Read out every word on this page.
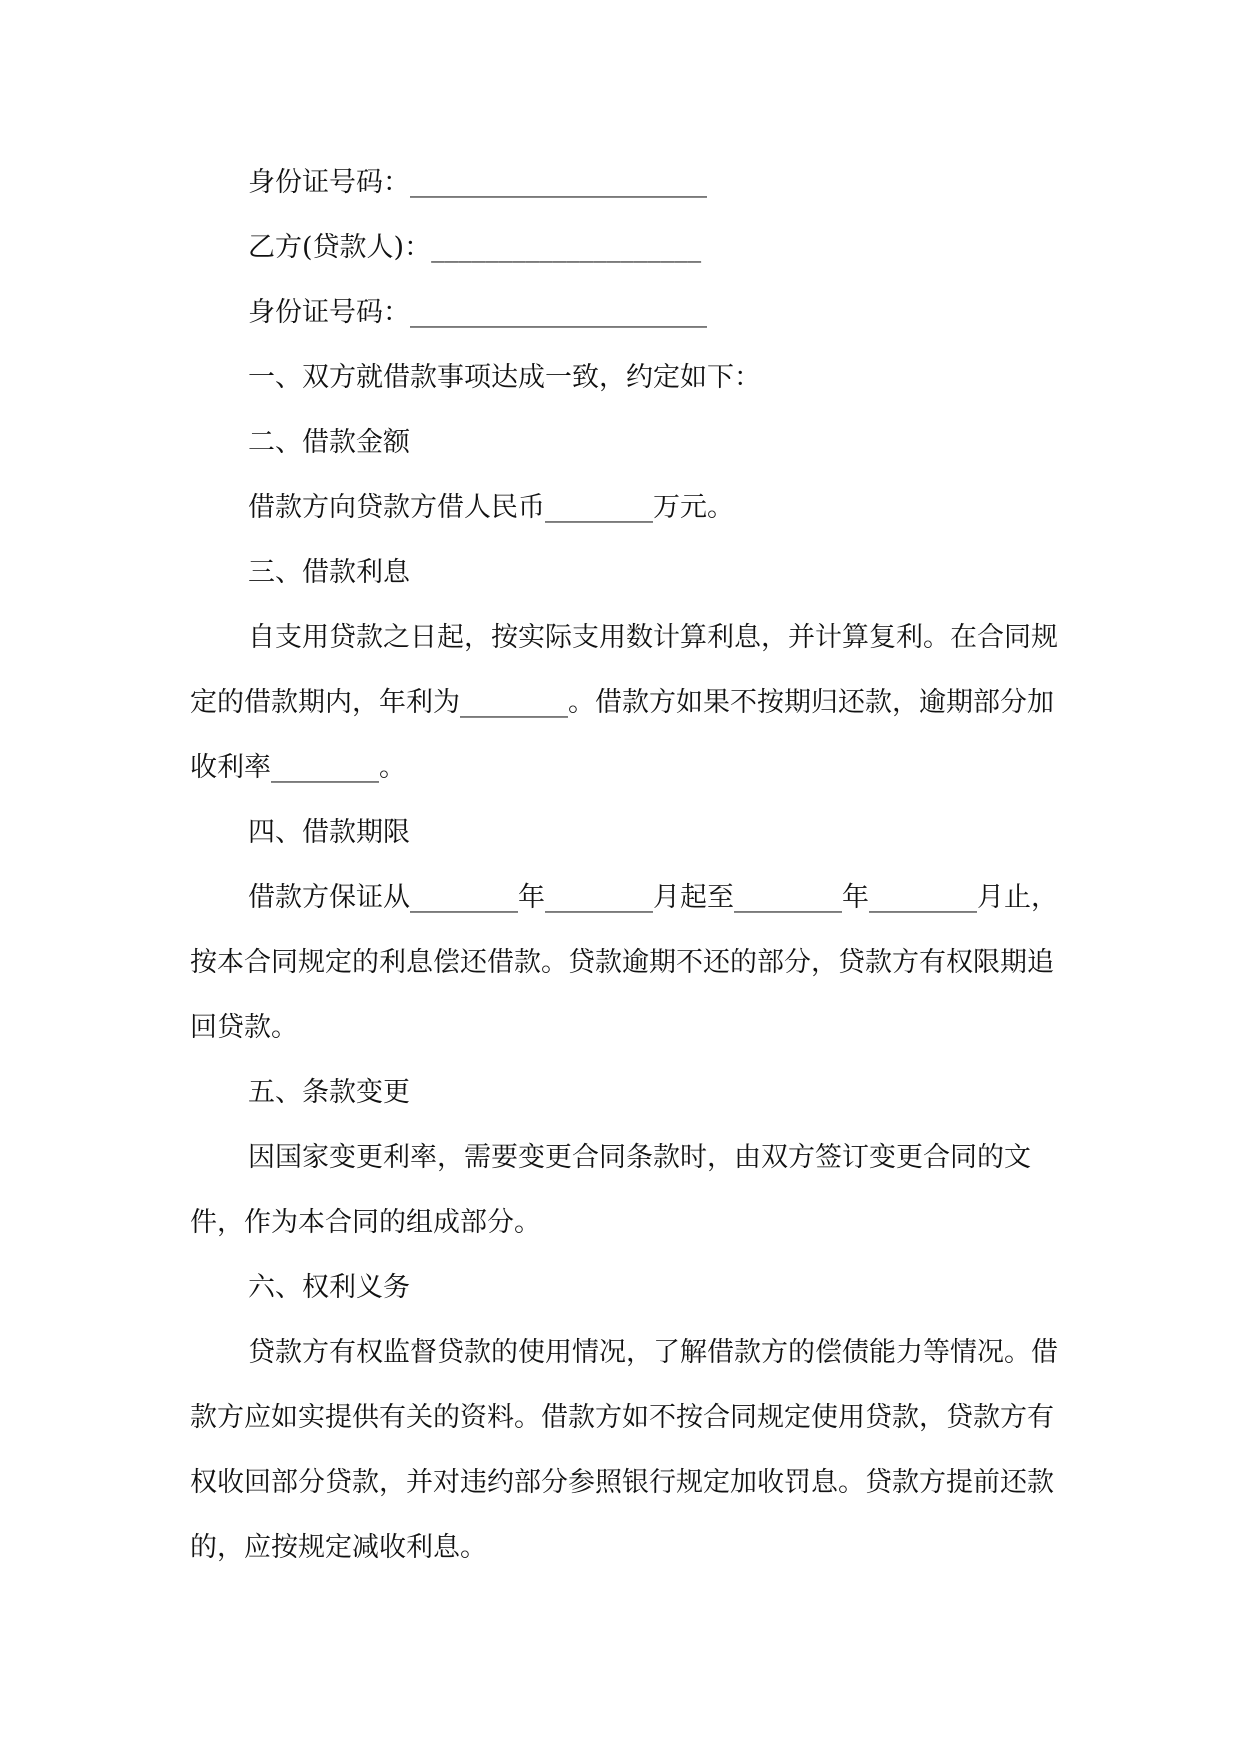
身份证号码：______________________

乙方(贷款人)：____________________

身份证号码：______________________

一、双方就借款事项达成一致，约定如下：

二、借款金额

借款方向贷款方借人民币________万元。

三、借款利息

自支用贷款之日起，按实际支用数计算利息，并计算复利。在合同规定的借款期内，年利为________。借款方如果不按期归还款，逾期部分加收利率________。

四、借款期限

借款方保证从________年________月起至________年________月止，按本合同规定的利息偿还借款。贷款逾期不还的部分，贷款方有权限期追回贷款。

五、条款变更

因国家变更利率，需要变更合同条款时，由双方签订变更合同的文件，作为本合同的组成部分。

六、权利义务

贷款方有权监督贷款的使用情况，了解借款方的偿债能力等情况。借款方应如实提供有关的资料。借款方如不按合同规定使用贷款，贷款方有权收回部分贷款，并对违约部分参照银行规定加收罚息。贷款方提前还款的，应按规定减收利息。
